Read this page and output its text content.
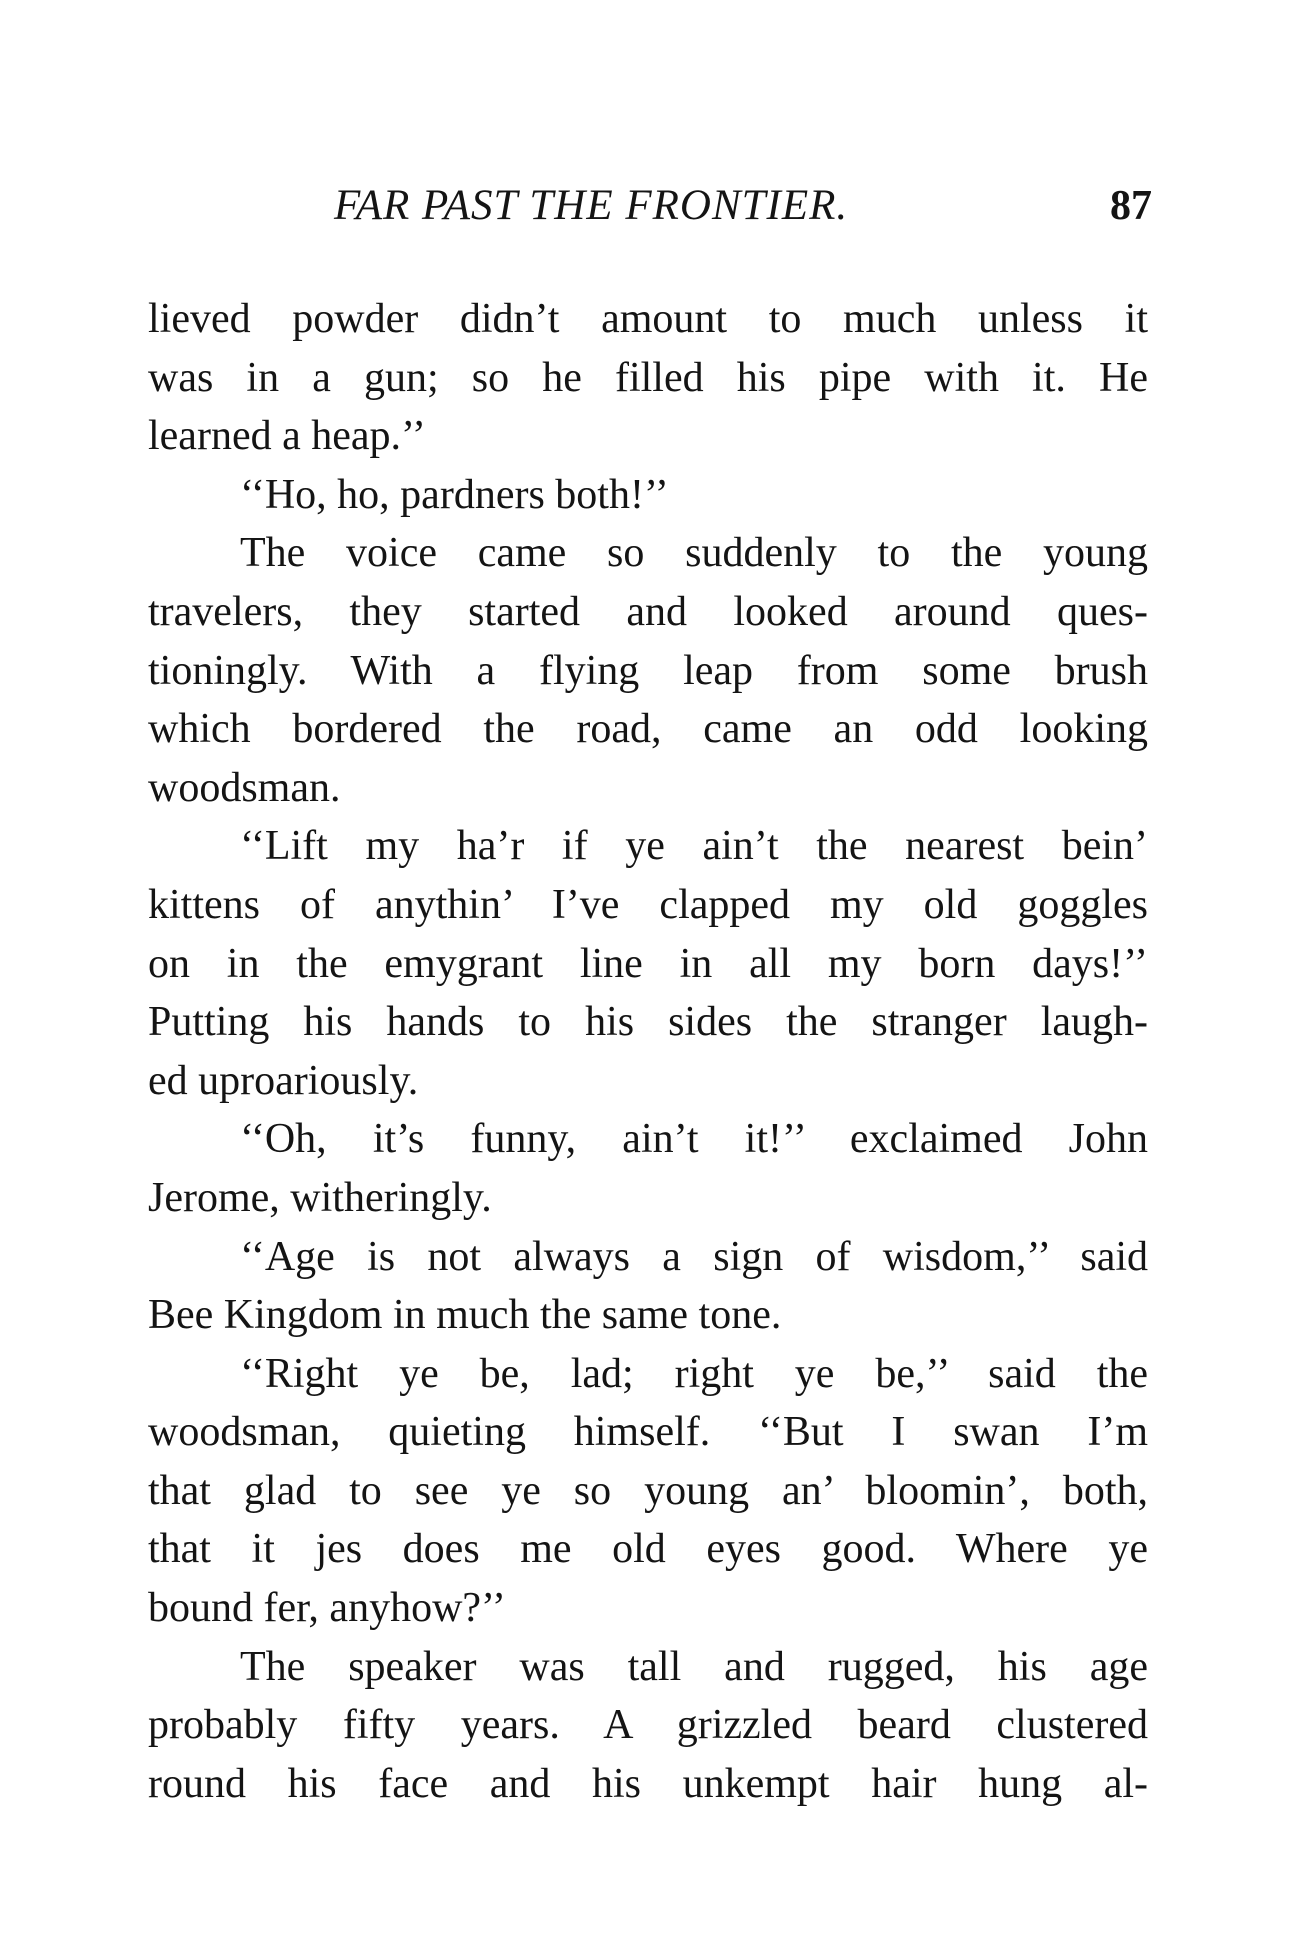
FAR PAST THE FRONTIER.	87
lieved powder didn’t amount to much unless it
was in a gun; so he filled his pipe with it. He
learned a heap.’’
‘‘Ho, ho, pardners both!’’
The voice came so suddenly to the young
travelers, they started and looked around ques-
tioningly. With a flying leap from some brush
which bordered the road, came an odd looking
woodsman.
‘‘Lift my ha’r if ye ain’t the nearest bein’
kittens of anythin’ I’ve clapped my old goggles
on in the emygrant line in all my born days!’’
Putting his hands to his sides the stranger laugh-
ed uproariously.
‘‘Oh, it’s funny, ain’t it!’’ exclaimed John
Jerome, witheringly.
‘‘Age is not always a sign of wisdom,’’ said
Bee Kingdom in much the same tone.
‘‘Right ye be, lad; right ye be,’’ said the
woodsman, quieting himself. ‘‘But I swan I’m
that glad to see ye so young an’ bloomin’, both,
that it jes does me old eyes good. Where ye
bound fer, anyhow?’’
The speaker was tall and rugged, his age
probably fifty years. A grizzled beard clustered
round his face and his unkempt hair hung al-
